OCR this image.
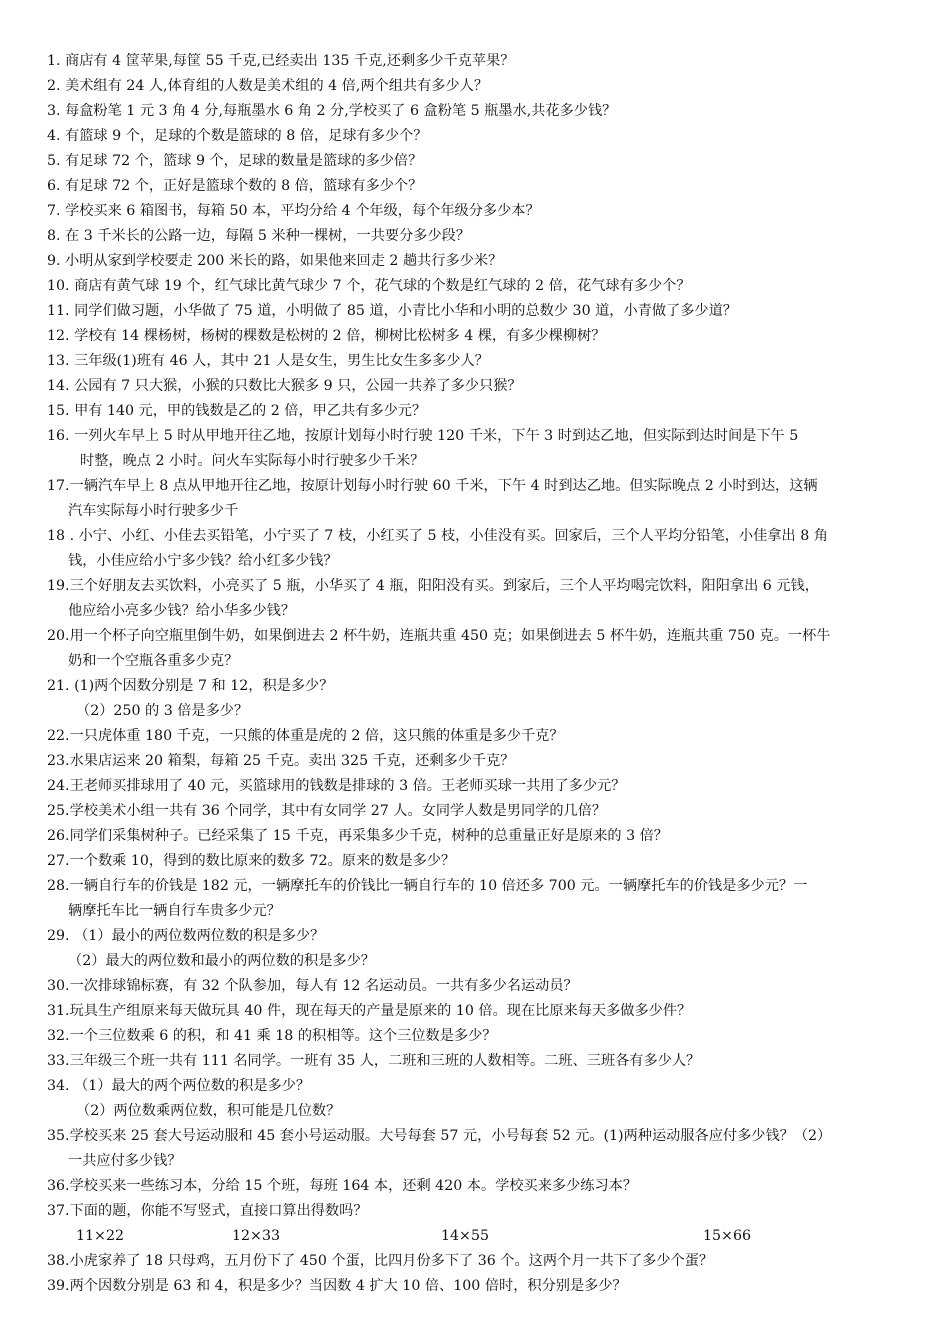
1. 商店有 4 筐苹果,每筐 55 千克,已经卖出 135 千克,还剩多少千克苹果？
2. 美术组有 24 人,体育组的人数是美术组的 4 倍,两个组共有多少人？
3. 每盒粉笔 1 元 3 角 4 分,每瓶墨水 6 角 2 分,学校买了 6 盒粉笔 5 瓶墨水,共花多少钱？
4. 有篮球 9 个，足球的个数是篮球的 8 倍，足球有多少个？
5. 有足球 72 个，篮球 9 个，足球的数量是篮球的多少倍？
6. 有足球 72 个，正好是篮球个数的 8 倍，篮球有多少个？
7. 学校买来 6 箱图书，每箱 50 本，平均分给 4 个年级，每个年级分多少本？
8. 在 3 千米长的公路一边，每隔 5 米种一棵树，一共要分多少段？
9. 小明从家到学校要走 200 米长的路，如果他来回走 2 趟共行多少米？
10. 商店有黄气球 19 个，红气球比黄气球少 7 个，花气球的个数是红气球的 2 倍，花气球有多少个？
11. 同学们做习题，小华做了 75 道，小明做了 85 道，小青比小华和小明的总数少 30 道，小青做了多少道？
12. 学校有 14 棵杨树，杨树的棵数是松树的 2 倍，柳树比松树多 4 棵，有多少棵柳树？
13. 三年级(1)班有 46 人，其中 21 人是女生，男生比女生多多少人？
14. 公园有 7 只大猴，小猴的只数比大猴多 9 只，公园一共养了多少只猴？
15. 甲有 140 元，甲的钱数是乙的 2 倍，甲乙共有多少元？
16. 一列火车早上 5 时从甲地开往乙地，按原计划每小时行驶 120 千米，下午 3 时到达乙地，但实际到达时间是下午 5
时整，晚点 2 小时。问火车实际每小时行驶多少千米？
17.一辆汽车早上 8 点从甲地开往乙地，按原计划每小时行驶 60 千米，下午 4 时到达乙地。但实际晚点 2 小时到达，这辆
汽车实际每小时行驶多少千
18 . 小宁、小红、小佳去买铅笔，小宁买了 7 枝，小红买了 5 枝，小佳没有买。回家后，三个人平均分铅笔，小佳拿出 8 角
钱，小佳应给小宁多少钱？给小红多少钱？
19.三个好朋友去买饮料，小亮买了 5 瓶，小华买了 4 瓶，阳阳没有买。到家后，三个人平均喝完饮料，阳阳拿出 6 元钱，
他应给小亮多少钱？给小华多少钱？
20.用一个杯子向空瓶里倒牛奶，如果倒进去 2 杯牛奶，连瓶共重 450 克；如果倒进去 5 杯牛奶，连瓶共重 750 克。一杯牛
奶和一个空瓶各重多少克？
21. (1)两个因数分别是 7 和 12，积是多少？
（2）250 的 3 倍是多少？
22.一只虎体重 180 千克，一只熊的体重是虎的 2 倍，这只熊的体重是多少千克？
23.水果店运来 20 箱梨，每箱 25 千克。卖出 325 千克，还剩多少千克？
24.王老师买排球用了 40 元，买篮球用的钱数是排球的 3 倍。王老师买球一共用了多少元？
25.学校美术小组一共有 36 个同学，其中有女同学 27 人。女同学人数是男同学的几倍？
26.同学们采集树种子。已经采集了 15 千克，再采集多少千克，树种的总重量正好是原来的 3 倍？
27.一个数乘 10，得到的数比原来的数多 72。原来的数是多少？
28.一辆自行车的价钱是 182 元，一辆摩托车的价钱比一辆自行车的 10 倍还多 700 元。一辆摩托车的价钱是多少元？一
辆摩托车比一辆自行车贵多少元？
29. （1）最小的两位数两位数的积是多少？
（2）最大的两位数和最小的两位数的积是多少？
30.一次排球锦标赛，有 32 个队参加，每人有 12 名运动员。一共有多少名运动员？
31.玩具生产组原来每天做玩具 40 件，现在每天的产量是原来的 10 倍。现在比原来每天多做多少件？
32.一个三位数乘 6 的积，和 41 乘 18 的积相等。这个三位数是多少？
33.三年级三个班一共有 111 名同学。一班有 35 人，二班和三班的人数相等。二班、三班各有多少人？
34. （1）最大的两个两位数的积是多少？
（2）两位数乘两位数，积可能是几位数？
35.学校买来 25 套大号运动服和 45 套小号运动服。大号每套 57 元，小号每套 52 元。(1)两种运动服各应付多少钱？（2）
一共应付多少钱？
36.学校买来一些练习本，分给 15 个班，每班 164 本，还剩 420 本。学校买来多少练习本？
37.下面的题，你能不写竖式，直接口算出得数吗？
11×22	12×33	14×55	15×66
38.小虎家养了 18 只母鸡，五月份下了 450 个蛋，比四月份多下了 36 个。这两个月一共下了多少个蛋？
39.两个因数分别是 63 和 4，积是多少？当因数 4 扩大 10 倍、100 倍时，积分别是多少？
